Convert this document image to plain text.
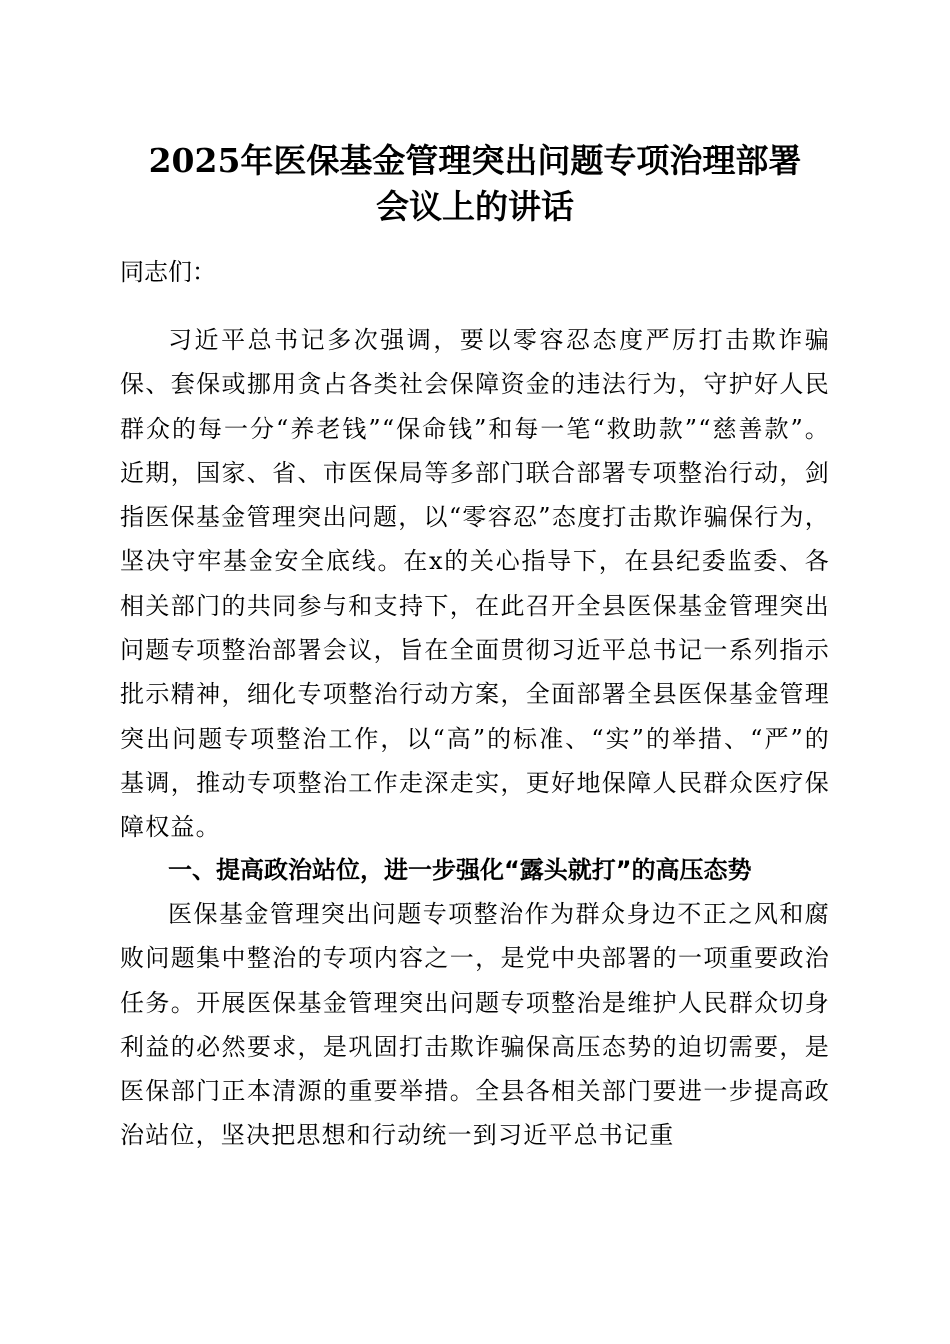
2025年医保基金管理突出问题专项治理部署
会议上的讲话

同志们：

习近平总书记多次强调，要以零容忍态度严厉打击欺诈骗保、套保或挪用贪占各类社会保障资金的违法行为，守护好人民群众的每一分“养老钱”“保命钱”和每一笔“救助款”“慈善款”。近期，国家、省、市医保局等多部门联合部署专项整治行动，剑指医保基金管理突出问题，以“零容忍”态度打击欺诈骗保行为，坚决守牢基金安全底线。在x的关心指导下，在县纪委监委、各相关部门的共同参与和支持下，在此召开全县医保基金管理突出问题专项整治部署会议，旨在全面贯彻习近平总书记一系列指示批示精神，细化专项整治行动方案，全面部署全县医保基金管理突出问题专项整治工作，以“高”的标准、“实”的举措、“严”的基调，推动专项整治工作走深走实，更好地保障人民群众医疗保障权益。

一、提高政治站位，进一步强化“露头就打”的高压态势

医保基金管理突出问题专项整治作为群众身边不正之风和腐败问题集中整治的专项内容之一，是党中央部署的一项重要政治任务。开展医保基金管理突出问题专项整治是维护人民群众切身利益的必然要求，是巩固打击欺诈骗保高压态势的迫切需要，是医保部门正本清源的重要举措。全县各相关部门要进一步提高政治站位，坚决把思想和行动统一到习近平总书记重
